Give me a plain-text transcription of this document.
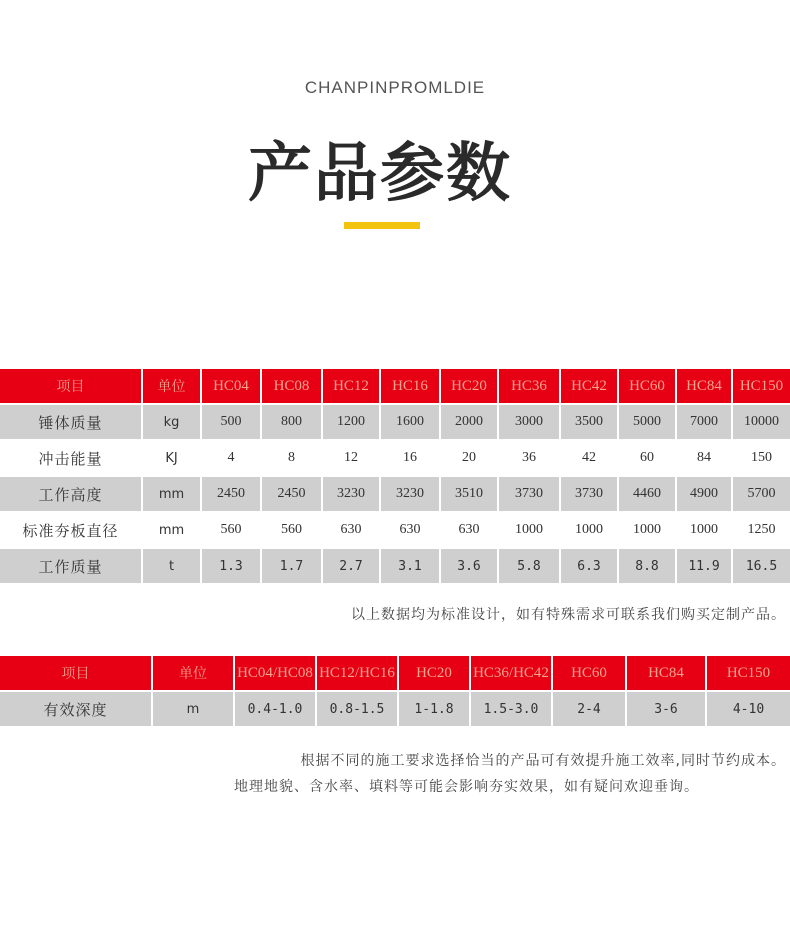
CHANPINPROMLDIE
产品参数
项目	单位	HC04	HC08	HC12	HC16	HC20	HC36	HC42	HC60	HC84	HC150
锤体质量	kg	500	800	1200	1600	2000	3000	3500	5000	7000	10000
冲击能量	KJ	4	8	12	16	20	36	42	60	84	150
工作高度	mm	2450	2450	3230	3230	3510	3730	3730	4460	4900	5700
标准夯板直径	mm	560	560	630	630	630	1000	1000	1000	1000	1250
工作质量	t	1.3	1.7	2.7	3.1	3.6	5.8	6.3	8.8	11.9	16.5
以上数据均为标准设计，如有特殊需求可联系我们购买定制产品。
项目	单位	HC04/HC08	HC12/HC16	HC20	HC36/HC42	HC60	HC84	HC150
有效深度	m	0.4-1.0	0.8-1.5	1-1.8	1.5-3.0	2-4	3-6	4-10
根据不同的施工要求选择恰当的产品可有效提升施工效率,同时节约成本。
地理地貌、含水率、填料等可能会影响夯实效果，如有疑问欢迎垂询。
